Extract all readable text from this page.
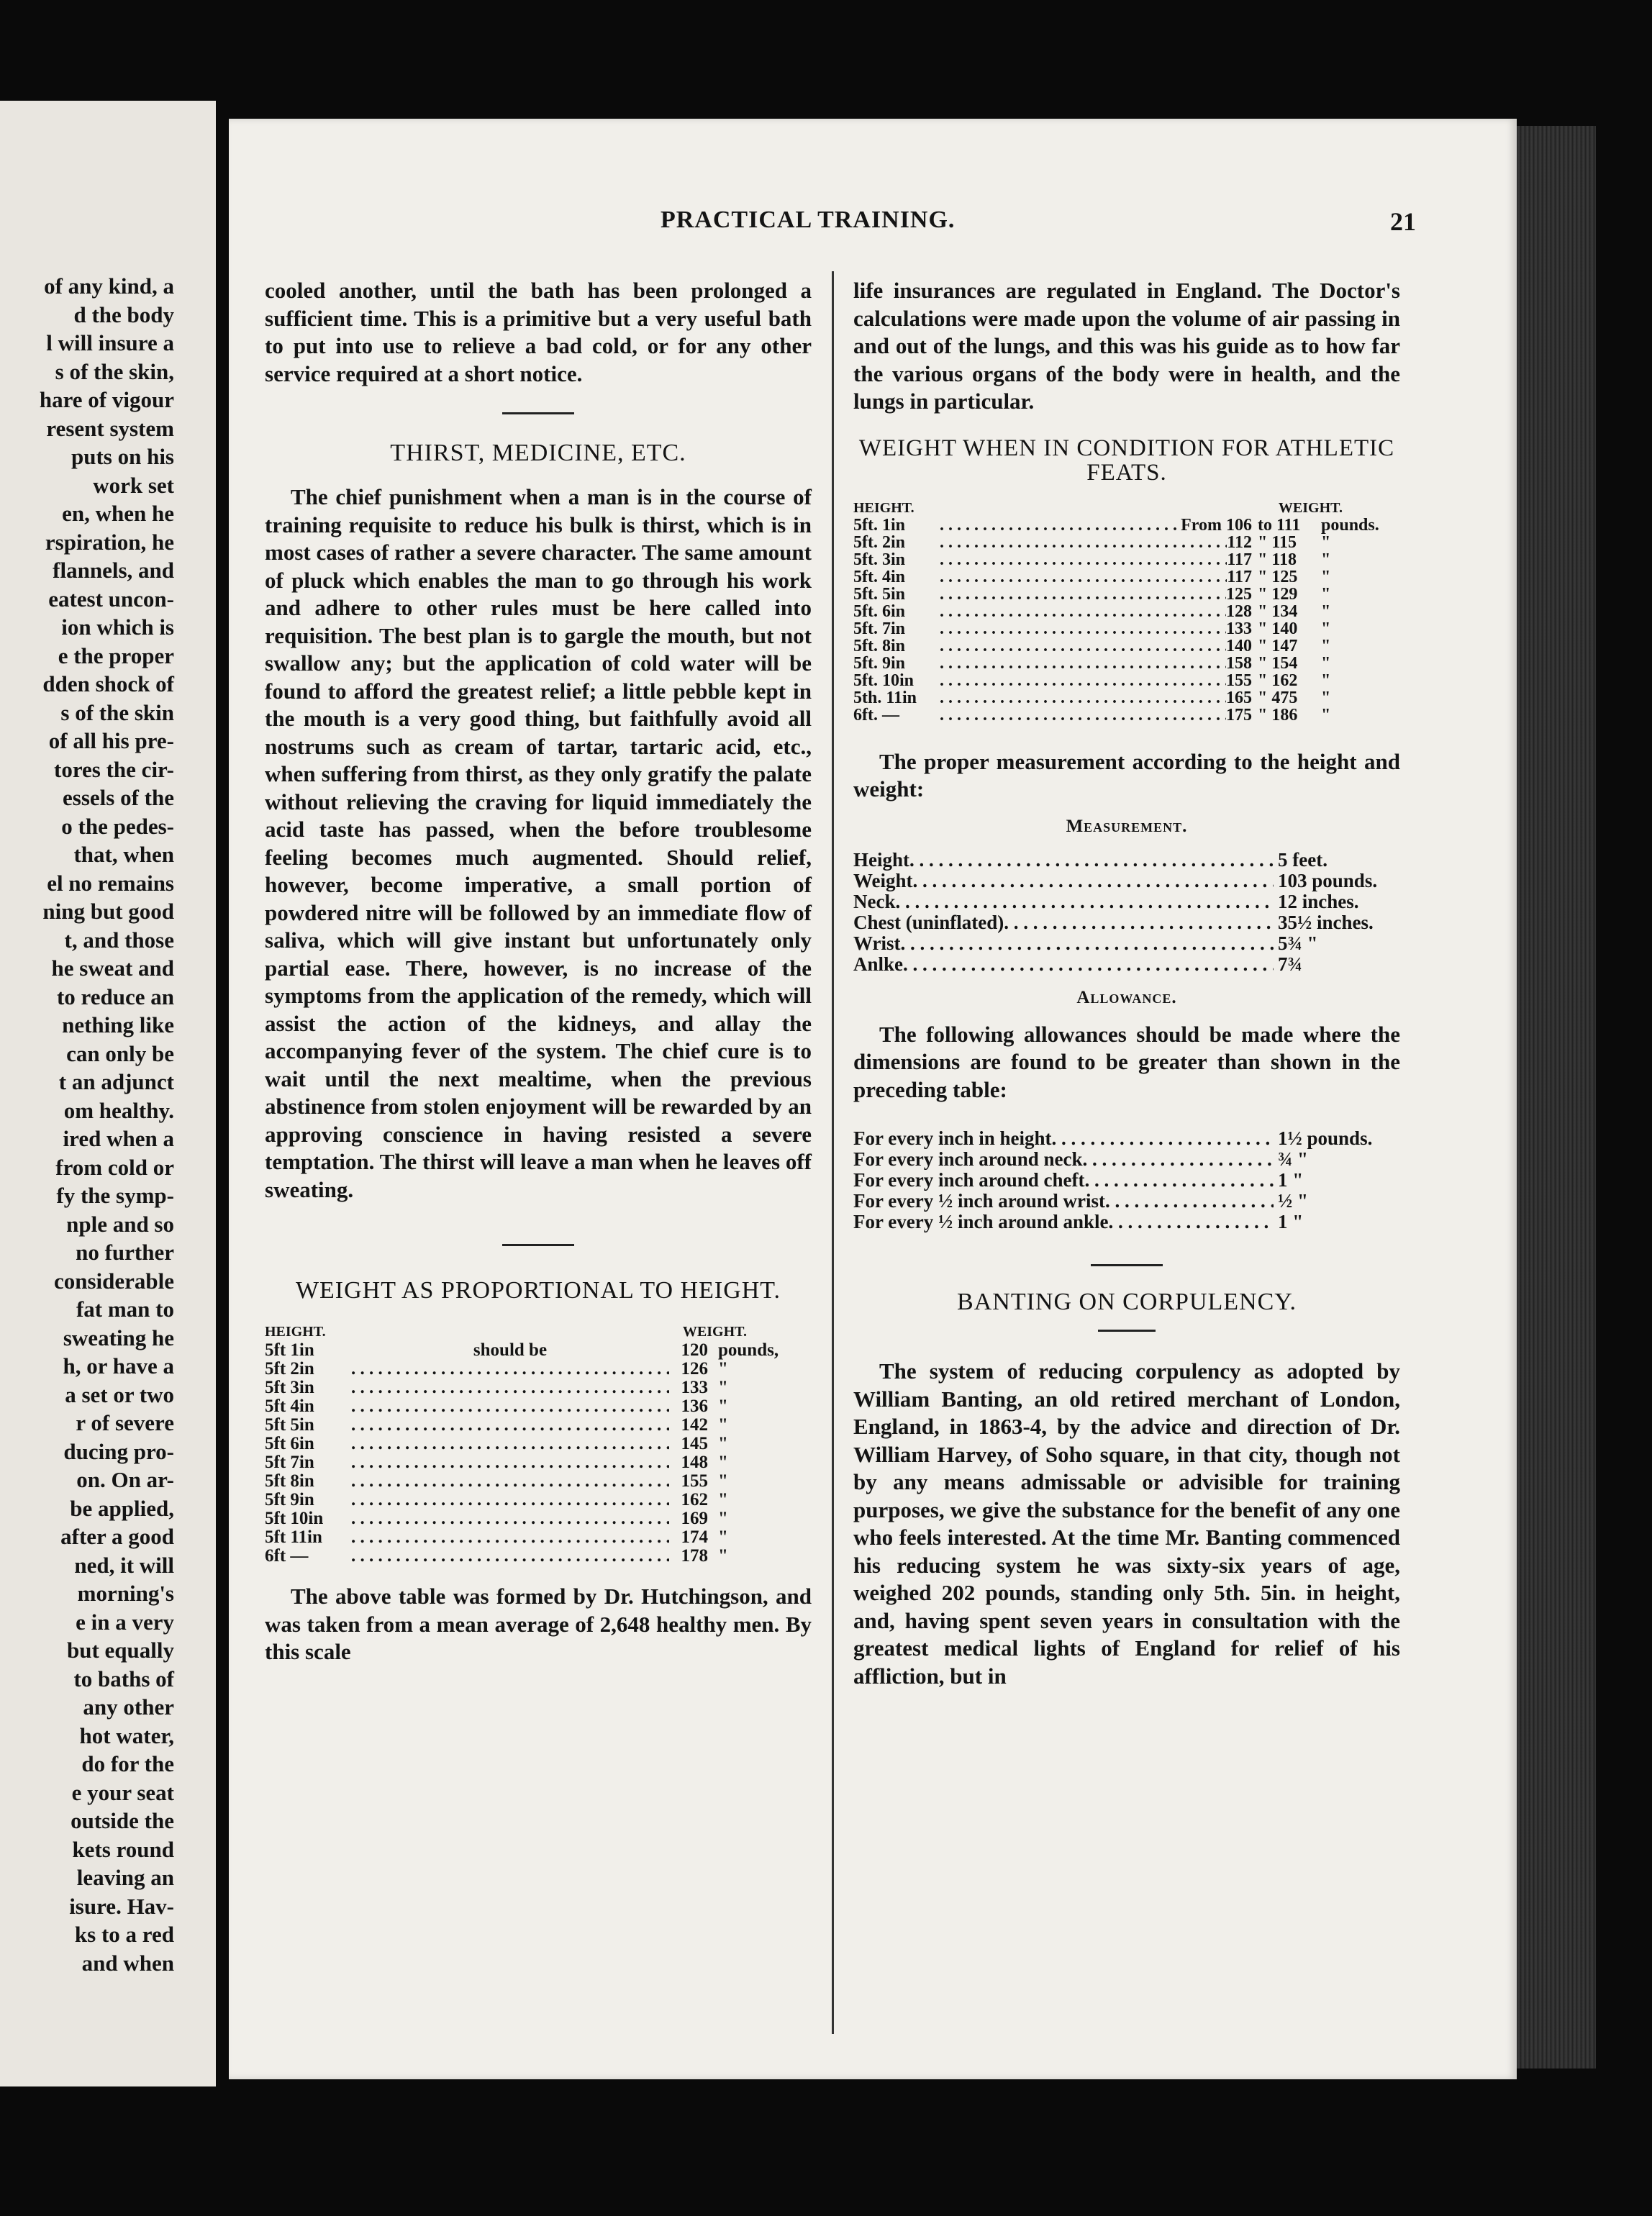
of any kind, a
d the body
l will insure a
s of the skin,
hare of vigour
resent system
puts on his
work set
en, when he
rspiration, he
flannels, and
eatest uncon-
ion which is
e the proper
dden shock of
s of the skin
of all his pre-
tores the cir-
essels of the
o the pedes-
that, when
el no remains
ning but good
t, and those
he sweat and
to reduce an
nething like
can only be
t an adjunct
om healthy.
ired when a
from cold or
fy the symp-
nple and so
no further
considerable
fat man to
sweating he
h, or have a
a set or two
r of severe
ducing pro-
on. On ar-
be applied,
after a good
ned, it will
morning's
e in a very
but equally
to baths of
any other
hot water,
do for the
e your seat
outside the
kets round
leaving an
isure. Hav-
ks to a red
and when
PRACTICAL TRAINING.	21

cooled another, until the bath has been prolonged a sufficient time. This is a primitive but a very useful bath to put into use to relieve a bad cold, or for any other service required at a short notice.

THIRST, MEDICINE, ETC.

The chief punishment when a man is in the course of training requisite to reduce his bulk is thirst, which is in most cases of rather a severe character. The same amount of pluck which enables the man to go through his work and adhere to other rules must be here called into requisition. The best plan is to gargle the mouth, but not swallow any; but the application of cold water will be found to afford the greatest relief; a little pebble kept in the mouth is a very good thing, but faithfully avoid all nostrums such as cream of tartar, tartaric acid, etc., when suffering from thirst, as they only gratify the palate without relieving the craving for liquid immediately the acid taste has passed, when the before troublesome feeling becomes much augmented. Should relief, however, become imperative, a small portion of powdered nitre will be followed by an immediate flow of saliva, which will give instant but unfortunately only partial ease. There, however, is no increase of the symptoms from the application of the remedy, which will assist the action of the kidneys, and allay the accompanying fever of the system. The chief cure is to wait until the next mealtime, when the previous abstinence from stolen enjoyment will be rewarded by an approving conscience in having resisted a severe temptation. The thirst will leave a man when he leaves off sweating.

WEIGHT AS PROPORTIONAL TO HEIGHT.
HEIGHT.	WEIGHT.
5ft 1in	should be	120 pounds,
5ft 2in . . .	126 "
5ft 3in . . .	133 "
5ft 4in . . .	136 "
5ft 5in . . .	142 "
5ft 6in . . .	145 "
5ft 7in . . .	148 "
5ft 8in . . .	155 "
5ft 9in . . .	162 "
5ft 10in . . .	169 "
5ft 11in . . .	174 "
6ft — . . .	178 "

The above table was formed by Dr. Hutchingson, and was taken from a mean average of 2,648 healthy men. By this scale

life insurances are regulated in England. The Doctor's calculations were made upon the volume of air passing in and out of the lungs, and this was his guide as to how far the various organs of the body were in health, and the lungs in particular.

WEIGHT WHEN IN CONDITION FOR ATHLETIC FEATS.
HEIGHT.	WEIGHT.
5ft. 1in . . .	From 106 to 111	pounds.
5ft. 2in . . .	112 " 115	"
5ft. 3in . . .	117 " 118	"
5ft. 4in . . .	117 " 125	"
5ft. 5in . . .	125 " 129	"
5ft. 6in . . .	128 " 134	"
5ft. 7in . . .	133 " 140	"
5ft. 8in . . .	140 " 147	"
5ft. 9in . . .	158 " 154	"
5ft. 10in . . .	155 " 162	"
5th. 11in . . .	165 " 475	"
6ft. — . . .	175 " 186	"

The proper measurement according to the height and weight:

Measurement.
Height . . .	5 feet.
Weight . . .	103 pounds.
Neck . . .	12 inches.
Chest (uninflated) . . .	35½ inches.
Wrist . . .	5¾ "
Anlke . . .	7¾
Allowance.

The following allowances should be made where the dimensions are found to be greater than shown in the preceding table:

For every inch in height . . .	1½ pounds.
For every inch around neck . . .	¾ "
For every inch around cheft . . .	1 "
For every ½ inch around wrist . . .	½ "
For every ½ inch around ankle . . .	1 "
BANTING ON CORPULENCY.

The system of reducing corpulency as adopted by William Banting, an old retired merchant of London, England, in 1863-4, by the advice and direction of Dr. William Harvey, of Soho square, in that city, though not by any means admissable or advisible for training purposes, we give the substance for the benefit of any one who feels interested. At the time Mr. Banting commenced his reducing system he was sixty-six years of age, weighed 202 pounds, standing only 5th. 5in. in height, and, having spent seven years in consultation with the greatest medical lights of England for relief of his affliction, but in
